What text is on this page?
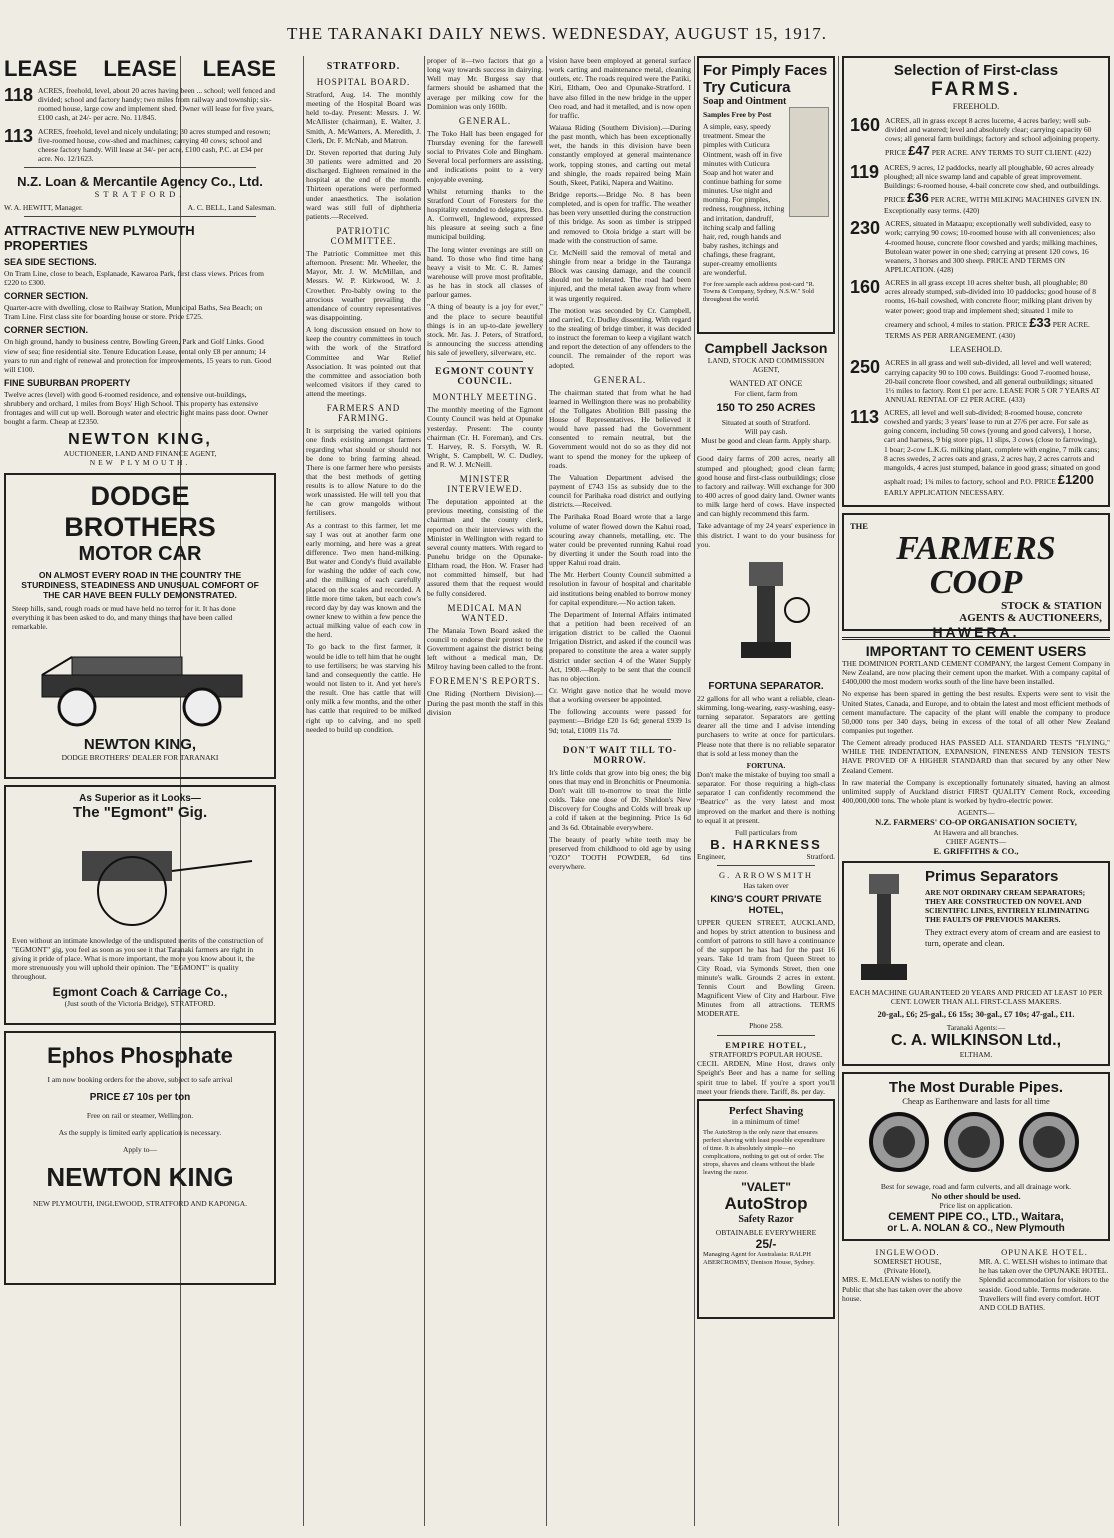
THE TARANAKI DAILY NEWS. WEDNESDAY, AUGUST 15, 1917.
LEASE LEASE LEASE
118 ACRES, freehold, level, about 20 acres having been ... school; well fenced and divided; school and factory handy; two miles from railway and township; six-roomed house, large cow and implement shed. Owner will lease for five years, £100 cash, at 24/- per acre. No. 11/845.
113 ACRES, freehold, level and nicely undulating; 30 acres stumped and resown; five-roomed house, cow-shed and machines; carrying 40 cows; school and cheese factory handy. Will lease at 34/- per acre, £100 cash, P.C. at £34 per acre. No. 12/1623.
N.Z. Loan & Mercantile Agency Co., Ltd.
STRATFORD.
W. A. HEWITT, Manager.	A. C. BELL, Land Salesman.
ATTRACTIVE NEW PLYMOUTH PROPERTIES
SEA SIDE SECTIONS.
On Tram Line, close to beach, Esplanade, Kawaroa Park, first class views. Prices from £220 to £300.
CORNER SECTION.
Quarter-acre with dwelling, close to Railway Station, Municipal Baths, Sea Beach; on Tram Line. First class site for boarding house or store. Price £725.
CORNER SECTION.
On high ground, handy to business centre, Bowling Green, Park and Golf Links. Good view of sea; fine residential site. Tenure Education Lease, rental only £8 per annum; 14 years to run and right of renewal and protection for improvements, 15 years to run. Good will £100.
FINE SUBURBAN PROPERTY
Twelve acres (level) with good 6-roomed residence, and extensive out-buildings, shrubbery and orchard, 1 miles from Boys' High School. This property has extensive frontages and will cut up well. Borough water and electric light mains pass door. Owner bought a farm. Cheap at £2350.
NEWTON KING,
AUCTIONEER, LAND AND FINANCE AGENT,
NEW PLYMOUTH.
DODGE BROTHERS
MOTOR CAR
ON ALMOST EVERY ROAD IN THE COUNTRY THE STURDINESS, STEADINESS AND UNUSUAL COMFORT OF THE CAR HAVE BEEN FULLY DEMONSTRATED.
Steep hills, sand, rough roads or mud have held no terror for it. It has done everything it has been asked to do, and many things that have been called remarkable.
NEWTON KING,
DODGE BROTHERS' DEALER FOR TARANAKI
As Superior as it Looks—
The "Egmont" Gig.
Even without an intimate knowledge of the undisputed merits of the construction of "EGMONT" gig, you feel as soon as you see it that Taranaki farmers are right in giving it pride of place. What is more important, the more you know about it, the more strenuously you will uphold their opinion. The "EGMONT" is quality throughout.
Egmont Coach & Carriage Co.,
(Just south of the Victoria Bridge), STRATFORD.
Ephos Phosphate
I am now booking orders for the above, subject to safe arrival
PRICE £7 10s per ton
Free on rail or steamer, Wellington.
As the supply is limited early application is necessary.
Apply to—
NEWTON KING
NEW PLYMOUTH, INGLEWOOD, STRATFORD AND KAPONGA.
STRATFORD.
HOSPITAL BOARD.

Stratford, Aug. 14. The monthly meeting of the Hospital Board was held to-day. Present: Messrs. J. W. McAllister (chairman), E. Walter, J. Smith, A. McWatters, A. Meredith, J. Clerk, Dr. F. McNab, and Matron.

Dr. Steven reported that during July 30 patients were admitted and 20 discharged. Eighteen remained in the hospital at the end of the month. Thirteen operations were performed under anaesthetics. The isolation ward was still full of diphtheria patients.—Received.

PATRIOTIC COMMITTEE.

The Patriotic Committee met this afternoon. Present: Mr. Wheeler, the Mayor, Mr. J. W. McMillan, and Messrs. W. P. Kirkwood, W. J. Crowther. Pro-bably owing to the atrocious weather prevailing the attendance of country representatives was disappointing.

A long discussion ensued on how to keep the country committees in touch with the work of the Stratford Committee and War Relief Association. It was pointed out that the committee and association both welcomed visitors if they cared to attend the meetings.

FARMERS AND FARMING.

It is surprising the varied opinions one finds existing amongst farmers regarding what should or should not be done to bring farming ahead. There is one farmer here who persists that the best methods of getting results is to allow Nature to do the work unassisted. He will tell you that he can grow mangolds without fertilisers.

As a contrast to this farmer, let me say I was out at another farm one early morning, and here was a great difference. Two men hand-milking. But water and Condy's fluid available for washing the udder of each cow, and the milking of each carefully placed on the scales and recorded. A little more time taken, but each cow's record day by day was known and the owner knew to within a few pence the actual milking value of each cow in the herd.

To go back to the first farmer, it would be idle to tell him that he ought to use fertilisers; he was starving his land and consequently the cattle. He would not listen to it. And yet here's the result. One has cattle that will only milk a few months, and the other has cattle that required to be milked right up to calving, and no spell needed to build up condition.

proper of it—two factors that go a long way towards success in dairying. Well may Mr. Burgess say that farmers should be ashamed that the average per milking cow for the Dominion was only 160lb.

GENERAL.

The Toko Hall has been engaged for Thursday evening for the farewell social to Privates Cole and Bingham. Several local performers are assisting, and indications point to a very enjoyable evening.

Whilst returning thanks to the Stratford Court of Foresters for the hospitality extended to delegates, Bro. A. Cornwell, Inglewood, expressed his pleasure at seeing such a fine municipal building.

The long winter evenings are still on hand. To those who find time hang heavy a visit to Mr. C. R. James' warehouse will prove most profitable, as he has in stock all classes of parlour games.

"A thing of beauty is a joy for ever," and the place to secure beautiful things is in an up-to-date jewellery stock. Mr. Jas. J. Peters, of Stratford, is announcing the success attending his sale of jewellery, silverware, etc.

EGMONT COUNTY COUNCIL.
MONTHLY MEETING.

The monthly meeting of the Egmont County Council was held at Opunake yesterday. Present: The county chairman (Cr. H. Foreman), and Crs. T. Harvey, R. S. Forsyth, W. R. Wright, S. Campbell, W. C. Dudley, and R. W. J. McNeill.

MINISTER INTERVIEWED.

The deputation appointed at the previous meeting, consisting of the chairman and the county clerk, reported on their interviews with the Minister in Wellington with regard to several county matters. With regard to Punehu bridge on the Opunake-Eltham road, the Hon. W. Fraser had not committed himself, but had assured them that the request would be fully considered.

MEDICAL MAN WANTED.

The Manaia Town Board asked the council to endorse their protest to the Government against the district being left without a medical man, Dr. Milroy having been called to the front.

FOREMEN'S REPORTS.

One Riding (Northern Division).—During the past month the staff in this division

vision have been employed at general surface work carting and maintenance metal, cleaning outlets, etc. The roads required were the Patiki, Kiri, Eltham, Oeo and Opunake-Stratford. I have also filled in the new bridge in the upper Oeo road, and had it metalled, and is now open for traffic.

Waiaua Riding (Southern Division).—During the past month, which has been exceptionally wet, the hands in this division have been constantly employed at general maintenance work, topping stones, and carting out metal and shingle, the roads repaired being Main South, Skeet, Patiki, Napera and Waitino.

Bridge reports.—Bridge No. 8 has been completed, and is open for traffic. The weather has been very unsettled during the construction of this bridge. As soon as timber is stripped and removed to Otoia bridge a start will be made with the construction of same.

Cr. McNeill said the removal of metal and shingle from near a bridge in the Tauranga Block was causing damage, and the council should not be tolerated. The road had been injured, and the metal taken away from where it was urgently required.

The motion was seconded by Cr. Campbell, and carried, Cr. Dudley dissenting. With regard to the stealing of bridge timber, it was decided to instruct the foreman to keep a vigilant watch and report the detection of any offenders to the council. The remainder of the report was adopted.

GENERAL.

The chairman stated that from what he had learned in Wellington there was no probability of the Tollgates Abolition Bill passing the House of Representatives. He believed it would have passed had the Government consented to remain neutral, but the Government would not do so as they did not want to spend the money for the upkeep of roads.

The Valuation Department advised the payment of £743 15s as subsidy due to the council for Parihaka road district and outlying districts.—Received.

The Parihaka Road Board wrote that a large volume of water flowed down the Kahui road, scouring away channels, metalling, etc. The water could be prevented running Kahui road by diverting it under the South road into the upper Kahui road drain.

The Mr. Herbert County Council submitted a resolution in favour of hospital and charitable aid institutions being enabled to borrow money for capital expenditure.—No action taken.

The Department of Internal Affairs intimated that a petition had been received of an irrigation district to be called the Oaonui Irrigation District, and asked if the council was prepared to constitute the area a water supply district under section 4 of the Water Supply Act, 1908.—Reply to be sent that the council has no objection.

Cr. Wright gave notice that he would move that a working overseer be appointed.

The following accounts were passed for payment:—Bridge £20 1s 6d; general £939 1s 9d; total, £1009 11s 7d.

DON'T WAIT TILL TO-MORROW.

It's little colds that grow into big ones; the big ones that may end in Bronchitis or Pneumonia. Don't wait till to-morrow to treat the little colds. Take one dose of Dr. Sheldon's New Discovery for Coughs and Colds will break up a cold if taken at the beginning. Price 1s 6d and 3s 6d. Obtainable everywhere.

The beauty of pearly white teeth may be preserved from childhood to old age by using "OZO" TOOTH POWDER, 6d tins everywhere.

For Pimply Faces
Try Cuticura
Soap and Ointment
Samples Free by Post
A simple, easy, speedy treatment. Smear the pimples with Cuticura Ointment, wash off in five minutes with Cuticura Soap and hot water and continue bathing for some minutes. Use night and morning. For pimples, redness, roughness, itching and irritation, dandruff, itching scalp and falling hair, red, rough hands and baby rashes, itchings and chafings, these fragrant, super-creamy emollients are wonderful.
For free sample each address post-card "R. Towns & Company, Sydney, N.S.W." Sold throughout the world.
Campbell Jackson
LAND, STOCK AND COMMISSION AGENT,
WANTED AT ONCE
For client, farm from
150 TO 250 ACRES
Situated at south of Stratford.
Will pay cash.
Must be good and clean farm. Apply sharp.

Good dairy farms of 200 acres, nearly all stumped and ploughed; good clean farm; good house and first-class outbuildings; close to factory and railway. Will exchange for 300 to 400 acres of good dairy land. Owner wants to milk large herd of cows. Have inspected and can highly recommend this farm.

Take advantage of my 24 years' experience in this district. I want to do your business for you.

FORTUNA SEPARATOR.

22 gallons for all who want a reliable, clean-skimming, long-wearing, easy-washing, easy-turning separator. Separators are getting dearer all the time and I advise intending purchasers to write at once for particulars. Please note that there is no reliable separator that is sold at less money than the

FORTUNA.

Don't make the mistake of buying too small a separator. For those requiring a high-class separator I can confidently recommend the "Beatrice" as the very latest and most improved on the market and there is nothing to equal it at present.

Full particulars from
B. HARKNESS
Engineer,	Stratford.
G. ARROWSMITH
Has taken over
KING'S COURT PRIVATE HOTEL,

UPPER QUEEN STREET, AUCKLAND, and hopes by strict attention to business and comfort of patrons to still have a continuance of the support he has had for the past 16 years. Take 1d tram from Queen Street to City Road, via Symonds Street, then one minute's walk. Grounds 2 acres in extent. Tennis Court and Bowling Green. Magnificent View of City and Harbour. Five Minutes from all attractions. TERMS MODERATE.

Phone 258.
EMPIRE HOTEL,
STRATFORD'S POPULAR HOUSE.

CECIL ARDEN, Mine Host, draws only Speight's Beer and has a name for selling spirit true to label. If you're a sport you'll meet your friends there. Tariff, 8s. per day.

Perfect Shaving
in a minimum of time!
The AutoStrop is the only razor that ensures perfect shaving with least possible expenditure of time. It is absolutely simple—no complications, nothing to get out of order. The strops, shaves and cleans without the blade leaving the razor.
"VALET"
AutoStrop
Safety Razor
OBTAINABLE EVERYWHERE
25/-
Managing Agent for Australasia: RALPH ABERCROMBY, Denison House, Sydney.
Selection of First-class
FARMS.
FREEHOLD.
160 ACRES, all in grass except 8 acres lucerne, 4 acres barley; well sub-divided and watered; level and absolutely clear; carrying capacity 60 cows; all general farm buildings; factory and school adjoining property. PRICE £47 PER ACRE. ANY TERMS TO SUIT CLIENT. (422)
119 ACRES, 9 acres, 12 paddocks, nearly all ploughable, 60 acres already ploughed; all nice swamp land and capable of great improvement. Buildings: 6-roomed house, 4-bail concrete cow shed, and outbuildings. PRICE £36 PER ACRE, WITH MILKING MACHINES GIVEN IN. Exceptionally easy terms. (420)
230 ACRES, situated in Mataapu; exceptionally well subdivided, easy to work; carrying 90 cows; 10-roomed house with all conveniences; also 4-roomed house, concrete floor cowshed and yards; milking machines, Butolean water power in one shed; carrying at present 120 cows, 16 weaners, 3 horses and 300 sheep. PRICE AND TERMS ON APPLICATION. (428)
160 ACRES in all grass except 10 acres shelter bush, all ploughable; 80 acres already stumped, sub-divided into 10 paddocks; good house of 8 rooms, 16-bail cowshed, with concrete floor; milking plant driven by water power; good trap and implement shed; situated 1 mile to creamery and school, 4 miles to station. PRICE £33 PER ACRE. TERMS AS PER ARRANGEMENT. (430)
LEASEHOLD.
250 ACRES in all grass and well sub-divided, all level and well watered; carrying capacity 90 to 100 cows. Buildings: Good 7-roomed house, 20-bail concrete floor cowshed, and all general outbuildings; situated 1½ miles to factory. Rent £1 per acre. LEASE FOR 5 OR 7 YEARS AT ANNUAL RENTAL OF £2 PER ACRE. (433)
113 ACRES, all level and well sub-divided; 8-roomed house, concrete cowshed and yards; 3 years' lease to run at 27/6 per acre. For sale as going concern, including 50 cows (young and good calvers), 1 horse, cart and harness, 9 big store pigs, 11 slips, 3 cows (close to farrowing), 1 boar; 2-cow L.K.G. milking plant, complete with engine, 7 milk cans; 8 acres swedes, 2 acres oats and grass, 2 acres hay, 2 acres carrots and mangolds, 4 acres just stumped, balance in good grass; situated on good asphalt road; 1¾ miles to factory, school and P.O. PRICE £1200 EARLY APPLICATION NECESSARY.
THE
FARMERS COOP
STOCK & STATION
AGENTS & AUCTIONEERS,
HAWERA.
IMPORTANT TO CEMENT USERS

THE DOMINION PORTLAND CEMENT COMPANY, the largest Cement Company in New Zealand, are now placing their cement upon the market. With a company capital of £400,000 the most modern works south of the line have been installed.

No expense has been spared in getting the best results. Experts were sent to visit the United States, Canada, and Europe, and to obtain the latest and most efficient methods of cement manufacture. The capacity of the plant will enable the company to produce 50,000 tons per 340 days, being in excess of the total of all other New Zealand companies put together.

The Cement already produced HAS PASSED ALL STANDARD TESTS "FLYING," WHILE THE INDENTATION, EXPANSION, FINENESS AND TENSION TESTS HAVE PROVED OF A HIGHER STANDARD than that secured by any other New Zealand Cement.

In raw material the Company is exceptionally fortunately situated, having an almost unlimited supply of Auckland district FIRST QUALITY Cement Rock, exceeding 400,000,000 tons. The whole plant is worked by hydro-electric power.

AGENTS—
N.Z. FARMERS' CO-OP ORGANISATION SOCIETY,
At Hawera and all branches.
CHIEF AGENTS—
E. GRIFFITHS & CO.,
Primus Separators
ARE NOT ORDINARY CREAM SEPARATORS; THEY ARE CONSTRUCTED ON NOVEL AND SCIENTIFIC LINES, ENTIRELY ELIMINATING THE FAULTS OF PREVIOUS MAKERS.
They extract every atom of cream and are easiest to turn, operate and clean.
EACH MACHINE GUARANTEED 20 YEARS AND PRICED AT LEAST 10 PER CENT. LOWER THAN ALL FIRST-CLASS MAKERS.
20-gal., £6; 25-gal., £6 15s; 30-gal., £7 10s; 47-gal., £11.
Taranaki Agents:—
C. A. WILKINSON Ltd.,
ELTHAM.
The Most Durable Pipes.
Cheap as Earthenware and lasts for all time
Best for sewage, road and farm culverts, and all drainage work.
No other should be used.
Price list on application.
CEMENT PIPE CO., LTD., Waitara,
or L. A. NOLAN & CO., New Plymouth
INGLEWOOD.
SOMERSET HOUSE,
(Private Hotel),
MRS. E. McLEAN wishes to notify the Public that she has taken over the above house.
OPUNAKE HOTEL.
MR. A. C. WELSH wishes to intimate that he has taken over the OPUNAKE HOTEL. Splendid accommodation for visitors to the seaside. Good table. Terms moderate.
Travellers will find every comfort. HOT AND COLD BATHS.
